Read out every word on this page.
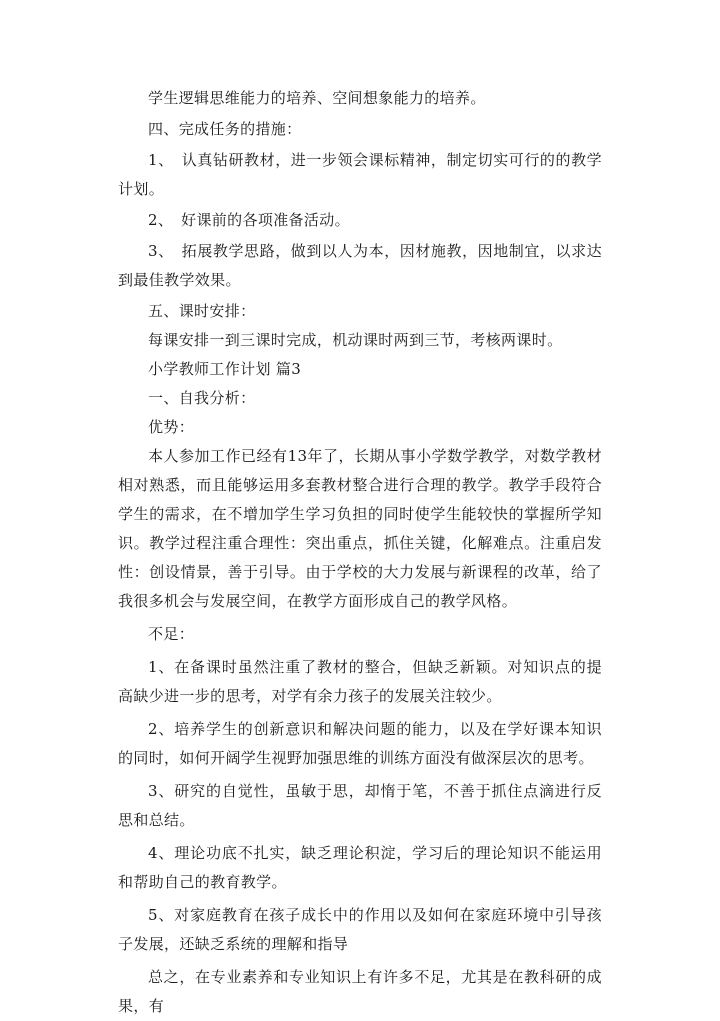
学生逻辑思维能力的培养、空间想象能力的培养。

四、完成任务的措施：

1、　认真钻研教材，进一步领会课标精神，制定切实可行的的教学计划。

2、　好课前的各项准备活动。

3、　拓展教学思路，做到以人为本，因材施教，因地制宜，以求达到最佳教学效果。

五、课时安排：

每课安排一到三课时完成，机动课时两到三节，考核两课时。

小学教师工作计划 篇3

一、自我分析：

优势：

本人参加工作已经有13年了，长期从事小学数学教学，对数学教材相对熟悉，而且能够运用多套教材整合进行合理的教学。教学手段符合学生的需求，在不增加学生学习负担的同时使学生能较快的掌握所学知识。教学过程注重合理性：突出重点，抓住关键，化解难点。注重启发性：创设情景，善于引导。由于学校的大力发展与新课程的改革，给了我很多机会与发展空间，在教学方面形成自己的教学风格。

不足：

1、在备课时虽然注重了教材的整合，但缺乏新颖。对知识点的提高缺少进一步的思考，对学有余力孩子的发展关注较少。

2、培养学生的创新意识和解决问题的能力，以及在学好课本知识的同时，如何开阔学生视野加强思维的训练方面没有做深层次的思考。

3、研究的自觉性，虽敏于思，却惰于笔，不善于抓住点滴进行反思和总结。

4、理论功底不扎实，缺乏理论积淀，学习后的理论知识不能运用和帮助自己的教育教学。

5、对家庭教育在孩子成长中的作用以及如何在家庭环境中引导孩子发展，还缺乏系统的理解和指导

总之，在专业素养和专业知识上有许多不足，尤其是在教科研的成果，有
